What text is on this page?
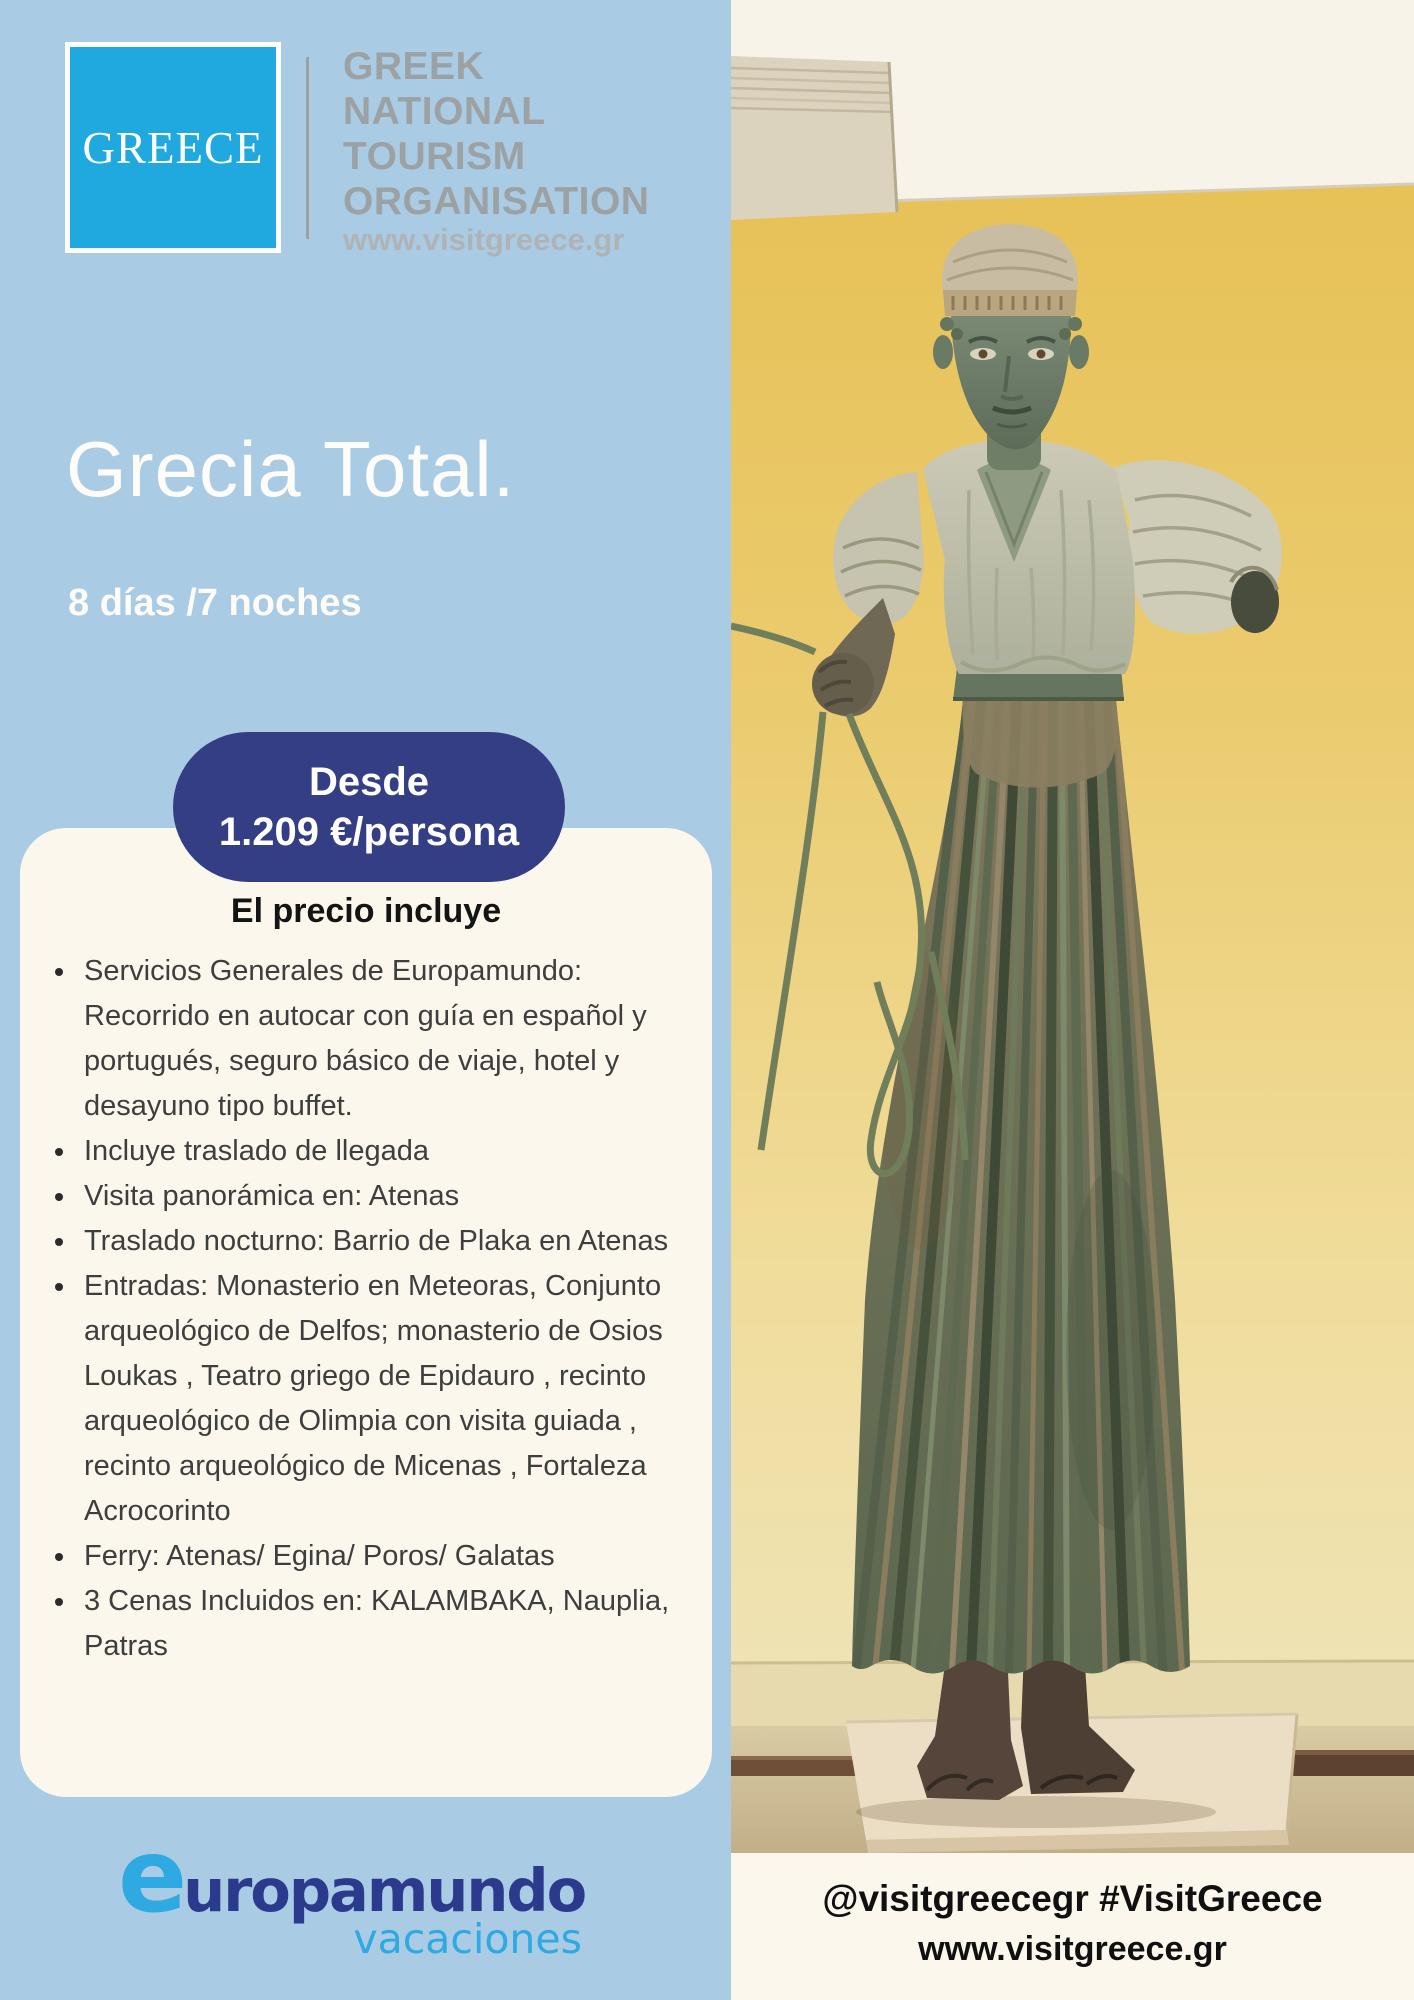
GREECE
GREEK
NATIONAL
TOURISM
ORGANISATION
www.visitgreece.gr
Grecia Total.
8 días /7 noches
El precio incluye
• Servicios Generales de Europamundo: Recorrido en autocar con guía en español y portugués, seguro básico de viaje, hotel y desayuno tipo buffet.
• Incluye traslado de llegada
• Visita panorámica en: Atenas
• Traslado nocturno: Barrio de Plaka en Atenas
• Entradas: Monasterio en Meteoras, Conjunto arqueológico de Delfos; monasterio de Osios Loukas , Teatro griego de Epidauro , recinto arqueológico de Olimpia con visita guiada , recinto arqueológico de Micenas , Fortaleza Acrocorinto
• Ferry: Atenas/ Egina/ Poros/ Galatas
• 3 Cenas Incluidos en: KALAMBAKA, Nauplia, Patras
Desde
1.209 €/persona
e
uropamundo
vacaciones
@visitgreecegr #VisitGreece
www.visitgreece.gr
